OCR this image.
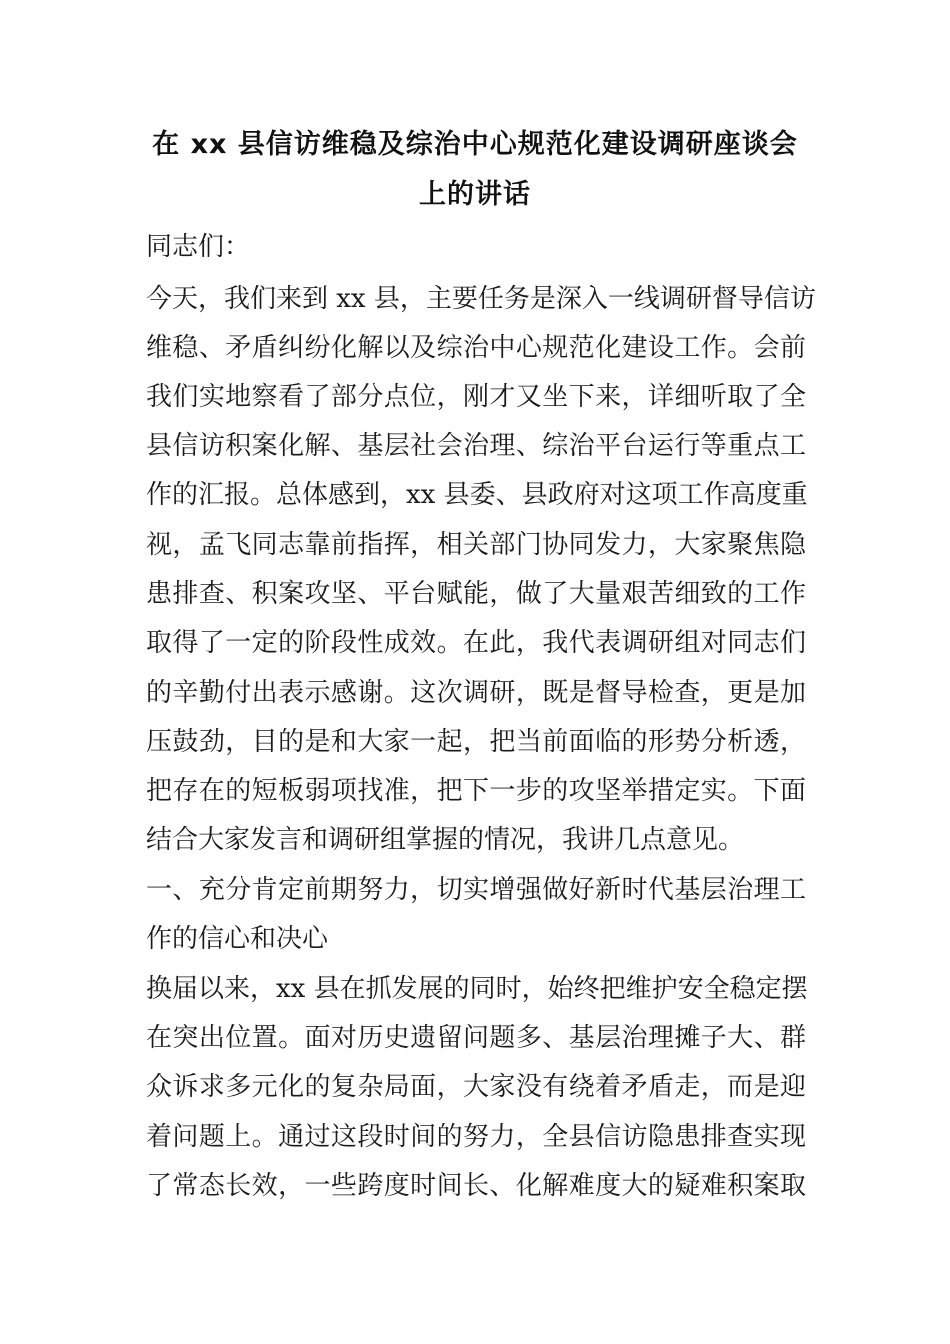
在 xx 县信访维稳及综治中心规范化建设调研座谈会
上的讲话
同志们：
今天，我们来到 xx 县，主要任务是深入一线调研督导信访
维稳、矛盾纠纷化解以及综治中心规范化建设工作。会前
我们实地察看了部分点位，刚才又坐下来，详细听取了全
县信访积案化解、基层社会治理、综治平台运行等重点工
作的汇报。总体感到，xx 县委、县政府对这项工作高度重
视，孟飞同志靠前指挥，相关部门协同发力，大家聚焦隐
患排查、积案攻坚、平台赋能，做了大量艰苦细致的工作
取得了一定的阶段性成效。在此，我代表调研组对同志们
的辛勤付出表示感谢。这次调研，既是督导检查，更是加
压鼓劲，目的是和大家一起，把当前面临的形势分析透，
把存在的短板弱项找准，把下一步的攻坚举措定实。下面
结合大家发言和调研组掌握的情况，我讲几点意见。
一、充分肯定前期努力，切实增强做好新时代基层治理工
作的信心和决心
换届以来，xx 县在抓发展的同时，始终把维护安全稳定摆
在突出位置。面对历史遗留问题多、基层治理摊子大、群
众诉求多元化的复杂局面，大家没有绕着矛盾走，而是迎
着问题上。通过这段时间的努力，全县信访隐患排查实现
了常态长效，一些跨度时间长、化解难度大的疑难积案取
